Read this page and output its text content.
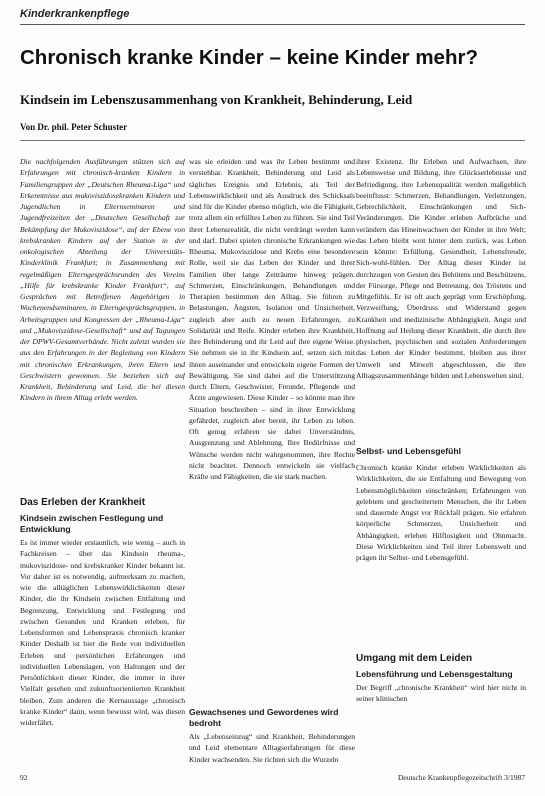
Kinderkrankenpflege
Chronisch kranke Kinder – keine Kinder mehr?
Kindsein im Lebenszusammenhang von Krankheit, Behinderung, Leid
Von Dr. phil. Peter Schuster

Die nachfolgenden Ausführungen stützen sich auf Erfahrungen mit chronisch-kranken Kindern in Familiengruppen der „Deutschen Rheuma-Liga“ und Erkenntnisse aus mukoviszidosekranken Kindern und Jugendlichen in Elternseminaren und Jugendfreizeiten der „Deutschen Gesellschaft zur Bekämpfung der Mukoviszidose“, auf der Ebene von krebskranken Kindern auf der Station in der onkologischen Abteilung der Universitäts-Kinderklinik Frankfurt; in Zusammenhang mit regelmäßigen Elterngesprächsrunden des Vereins „Hilfe für krebskranke Kinder Frankfurt“, auf Gesprächen mit Betroffenen Angehörigen in Wochenendseminaren, in Elterngesprächsgruppen, in Arbeitsgruppen und Kongressen der „Rheuma-Liga“ und „Mukoviszidose-Gesellschaft“ und auf Tagungen der DPWV-Gesamtverbände. Nicht zuletzt wurden sie aus den Erfahrungen in der Begleitung von Kindern mit chronischen Erkrankungen, ihren Eltern und Geschwistern gewonnen. Sie beziehen sich auf Krankheit, Behinderung und Leid, die bei diesen Kindern in ihrem Alltag erlebt werden.

Das Erleben der Krankheit
Kindsein zwischen Festlegung und Entwicklung

Es ist immer wieder erstaunlich, wie wenig – auch in Fachkreisen – über das Kindsein rheuma-, mukoviszidose- und krebskranker Kinder bekannt ist. Vor daher ist es notwendig, aufmerksam zu machen, wie die alltäglichen Lebenswirklichkeiten dieser Kinder, die ihr Kindsein zwischen Entfaltung und Begrenzung, Entwicklung und Festlegung und zwischen Gesunden und Kranken erleben, für Lebensformen und Lebenspraxis chronisch kranker Kinder Deshalb ist hier die Rede von individuellen Erleben und persönlichen Erfahrungen und individuellen Lebenslagen, von Haltungen und der Persönlichkeit dieser Kinder, die immer in ihrer Vielfalt gesehen und zukunftsorientierten Krankheit bleiben. Zum anderen die Kernaussage „chronisch kranke Kinder“ dann, wenn bewusst wird, was diesen widerfährt,

was sie erleiden und was ihr Leben bestimmt und verstehbar. Krankheit, Behinderung und Leid als tägliches Ereignis und Erlebnis, als Teil der Lebenswirklichkeit und als Ausdruck des Schicksals sind für die Kinder ebenso möglich, wie die Fähigkeit, trotz allem ein erfülltes Leben zu führen. Sie sind Teil ihrer Lebensrealität, die nicht verdrängt werden kann und darf. Dabei spielen chronische Erkrankungen wie Rheuma, Mukoviszidose und Krebs eine besondere Rolle, weil sie das Leben der Kinder und ihrer Familien über lange Zeiträume hinweg prägen. Schmerzen, Einschränkungen, Behandlungen und Therapien bestimmen den Alltag. Sie führen zu Belastungen, Ängsten, Isolation und Unsicherheit, zugleich aber auch zu neuen Erfahrungen, zu Solidarität und Reife. Kinder erleben ihre Krankheit, ihre Behinderung und ihr Leid auf ihre eigene Weise. Sie nehmen sie in ihr Kindsein auf, setzen sich mit ihnen auseinander und entwickeln eigene Formen der Bewältigung. Sie sind dabei auf die Unterstützung durch Eltern, Geschwister, Freunde, Pflegende und Ärzte angewiesen. Diese Kinder – so könnte man ihre Situation beschreiben – sind in ihrer Entwicklung gefährdet, zugleich aber bereit, ihr Leben zu leben. Oft genug erfahren sie dabei Unverständnis, Ausgrenzung und Ablehnung. Ihre Bedürfnisse und Wünsche werden nicht wahrgenommen, ihre Rechte nicht beachtet. Dennoch entwickeln sie vielfach Kräfte und Fähigkeiten, die sie stark machen.

Gewachsenes und Gewordenes wird bedroht

Als „Lebenseinzug“ sind Krankheit, Behinderungen und Leid elementare Alltagserfahrungen für diese Kinder wachsenden. Sie richten sich die Wurzeln

ihrer Existenz. Ihr Erleben und Aufwachsen, ihre Lebensweise und Bildung, ihre Glückserlebnisse und Befriedigung, ihre Lebensqualität werden maßgeblich beeinflusst: Schmerzen, Behandlungen, Verletzungen, Gebrechlichkeit, Einschränkungen und Sich-Veränderungen. Die Kinder erleben Aufbrüche und verändern das Hineinwachsen der Kinder in ihre Welt; das Leben bleibt weit hinter dem zurück, was Leben sein könnte: Erfüllung, Gesundheit, Lebensfreude, Sich-wohl-fühlen. Der Alltag dieser Kinder ist durchzogen von Gesten des Behütens und Beschützens, der Fürsorge, Pflege und Betreuung, des Tröstens und Mitgefühls. Er ist oft auch geprägt vom Erschöpfung, Verzweiflung, Überdruss und Widerstand gegen Krankheit und medizinische Abhängigkeit. Angst und Hoffnung auf Heilung dieser Krankheit, die durch ihre physischen, psychischen und sozialen Anforderungen das Leben der Kinder bestimmt, bleiben aus ihrer Umwelt und Mitwelt abgeschlossen, die ihre Alltagszusammenhänge bilden und Lebenswelten sind.

Selbst- und Lebensgefühl

Chronisch kranke Kinder erleben Wirklichkeiten als Wirklichkeiten, die sie Entfaltung und Bewegung von Lebensmöglichkeiten einschränken; Erfahrungen von gelebtem und gescheitertem Menschen, die ihr Leben und dauernde Angst vor Rückfall prägen. Sie erfahren körperliche Schmerzen, Unsicherheit und Abhängigkeit, erleben Hilflosigkeit und Ohnmacht. Diese Wirklichkeiten sind Teil ihrer Lebenswelt und prägen ihr Selbst- und Lebensgefühl.

Umgang mit dem Leiden
Lebensführung und Lebensgestaltung

Der Begriff „chronische Krankheit“ wird hier nicht in seiner klinischen

92	Deutsche Krankenpflegezeitschrift 3/1987
